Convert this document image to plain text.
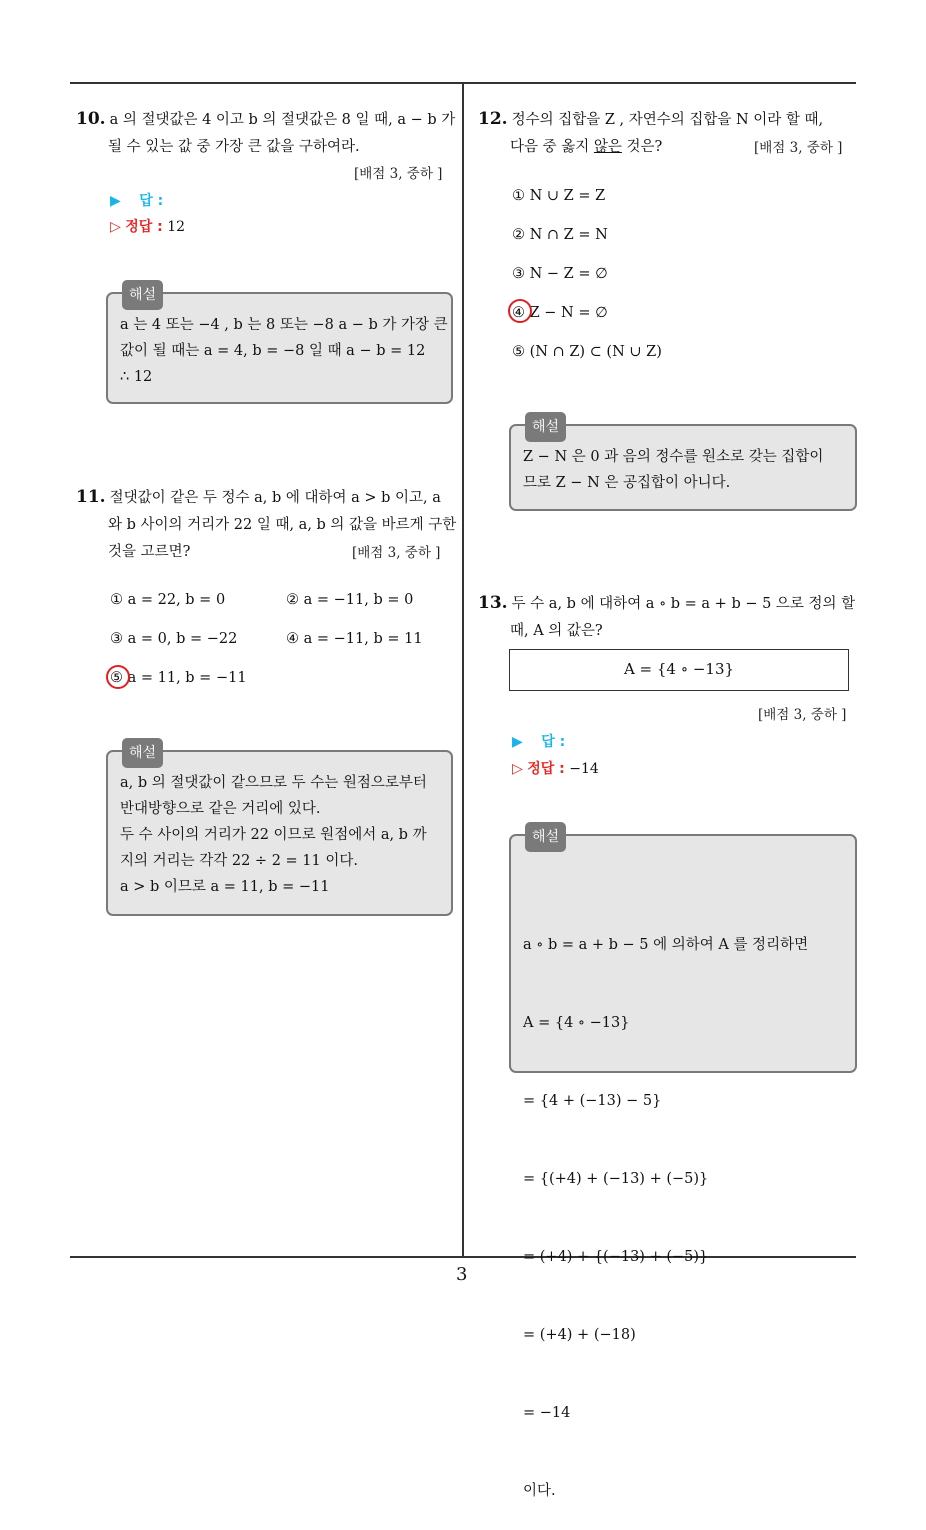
10. a 의 절댓값은 4 이고 b 의 절댓값은 8 일 때, a − b 가
될 수 있는 값 중 가장 큰 값을 구하여라.
[배점 3, 중하 ]
▶ 답 :
▷ 정답 : 12
해설
a 는 4 또는 −4 , b 는 8 또는 −8 a − b 가 가장 큰
값이 될 때는 a = 4, b = −8 일 때 a − b = 12
∴ 12
11. 절댓값이 같은 두 정수 a, b 에 대하여 a > b 이고, a
와 b 사이의 거리가 22 일 때, a, b 의 값을 바르게 구한
것을 고르면?	[배점 3, 중하 ]
① a = 22, b = 0	② a = −11, b = 0
③ a = 0, b = −22	④ a = −11, b = 11
⑤ a = 11, b = −11
해설
a, b 의 절댓값이 같으므로 두 수는 원점으로부터
반대방향으로 같은 거리에 있다.
두 수 사이의 거리가 22 이므로 원점에서 a, b 까
지의 거리는 각각 22 ÷ 2 = 11 이다.
a > b 이므로 a = 11, b = −11
12. 정수의 집합을 Z , 자연수의 집합을 N 이라 할 때,
다음 중 옳지 않은 것은?	[배점 3, 중하 ]
① N ∪ Z = Z
② N ∩ Z = N
③ N − Z = ∅
④ Z − N = ∅
⑤ (N ∩ Z) ⊂ (N ∪ Z)
해설
Z − N 은 0 과 음의 정수를 원소로 갖는 집합이
므로 Z − N 은 공집합이 아니다.
13. 두 수 a, b 에 대하여 a ∘ b = a + b − 5 으로 정의 할
때, A 의 값은?
A = {4 ∘ −13}
[배점 3, 중하 ]
▶ 답 :
▷ 정답 : −14

해설

a ∘ b = a + b − 5 에 의하여 A 를 정리하면

A = {4 ∘ −13}

= {4 + (−13) − 5}

= {(+4) + (−13) + (−5)}

= (+4) + {(−13) + (−5)}

= (+4) + (−18)

= −14

이다.

3
